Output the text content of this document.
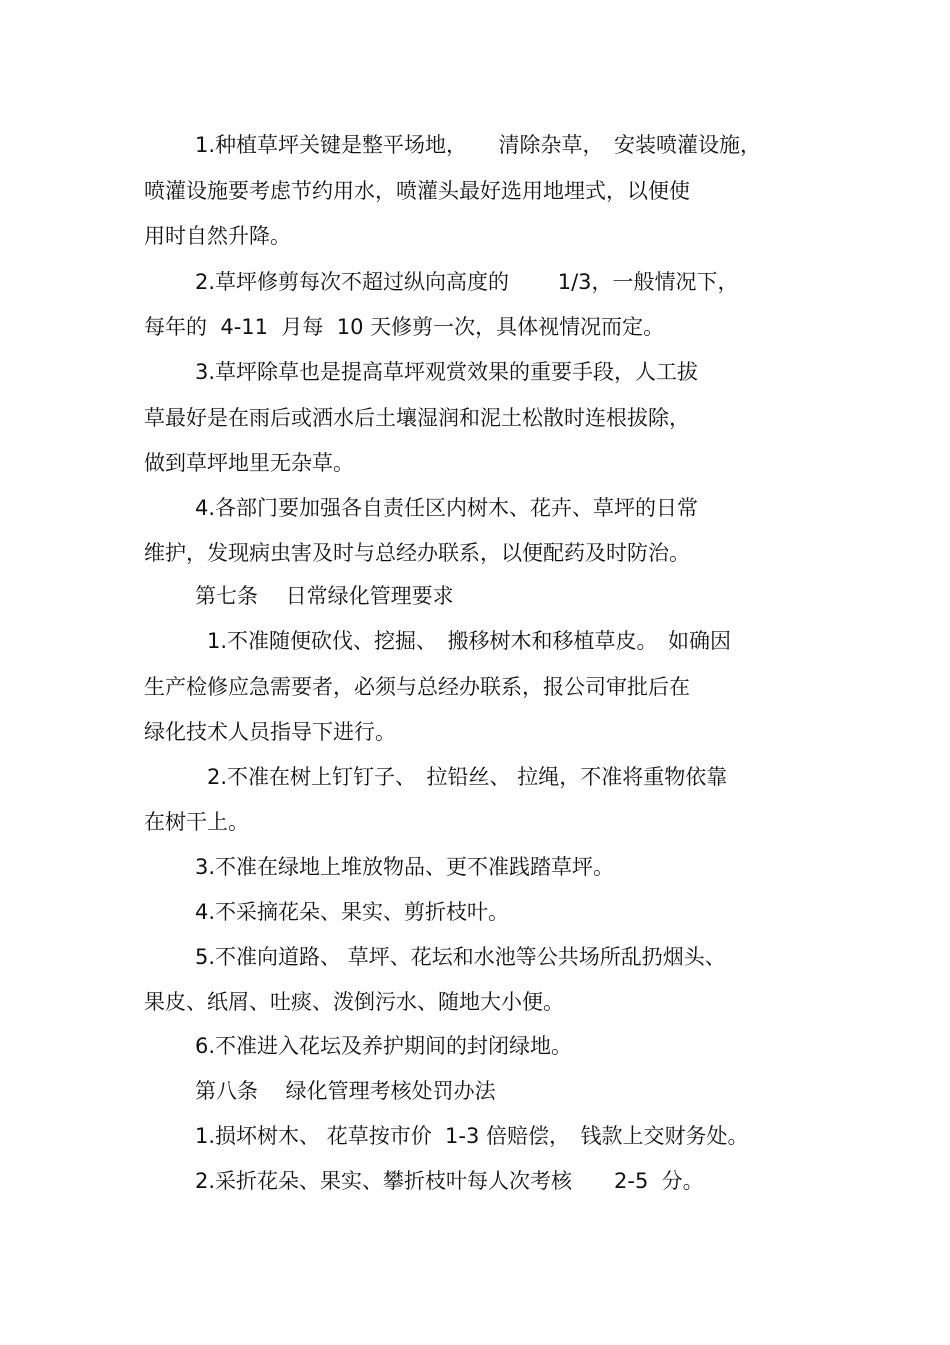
1.种植草坪关键是整平场地，　　清除杂草，　安装喷灌设施，
喷灌设施要考虑节约用水，喷灌头最好选用地埋式，以便使
用时自然升降。
2.草坪修剪每次不超过纵向高度的　　 1/3，一般情况下，
每年的  4-11  月每  10 天修剪一次，具体视情况而定。
3.草坪除草也是提高草坪观赏效果的重要手段，人工拔
草最好是在雨后或洒水后土壤湿润和泥土松散时连根拔除，
做到草坪地里无杂草。
4.各部门要加强各自责任区内树木、花卉、草坪的日常
维护，发现病虫害及时与总经办联系，以便配药及时防治。
第七条　 日常绿化管理要求
1.不准随便砍伐、挖掘、　搬移树木和移植草皮。　如确因
生产检修应急需要者，必须与总经办联系，报公司审批后在
绿化技术人员指导下进行。
2.不准在树上钉钉子、　拉铅丝、 拉绳，不准将重物依靠
在树干上。
3.不准在绿地上堆放物品、更不准践踏草坪。
4.不采摘花朵、果实、剪折枝叶。
5.不准向道路、 草坪、花坛和水池等公共场所乱扔烟头、
果皮、纸屑、吐痰、泼倒污水、随地大小便。
6.不准进入花坛及养护期间的封闭绿地。
第八条　 绿化管理考核处罚办法
1.损坏树木、 花草按市价  1-3 倍赔偿，　钱款上交财务处。
2.采折花朵、果实、攀折枝叶每人次考核　　2-5  分。
